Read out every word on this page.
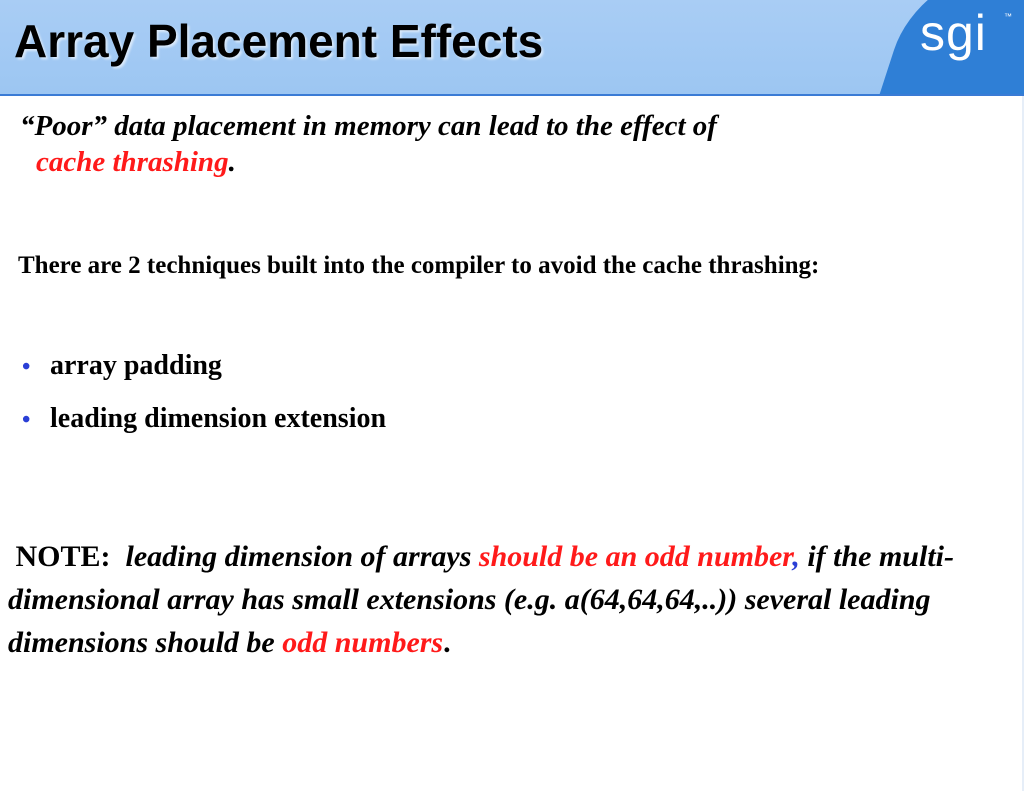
Array Placement Effects	sgi ™
“Poor” data placement in memory can lead to the effect of
cache thrashing.
There are 2 techniques built into the compiler to avoid the cache thrashing:
• array padding
• leading dimension extension
NOTE: leading dimension of arrays should be an odd number, if the multi-dimensional array has small extensions (e.g. a(64,64,64,..)) several leading dimensions should be odd numbers.
